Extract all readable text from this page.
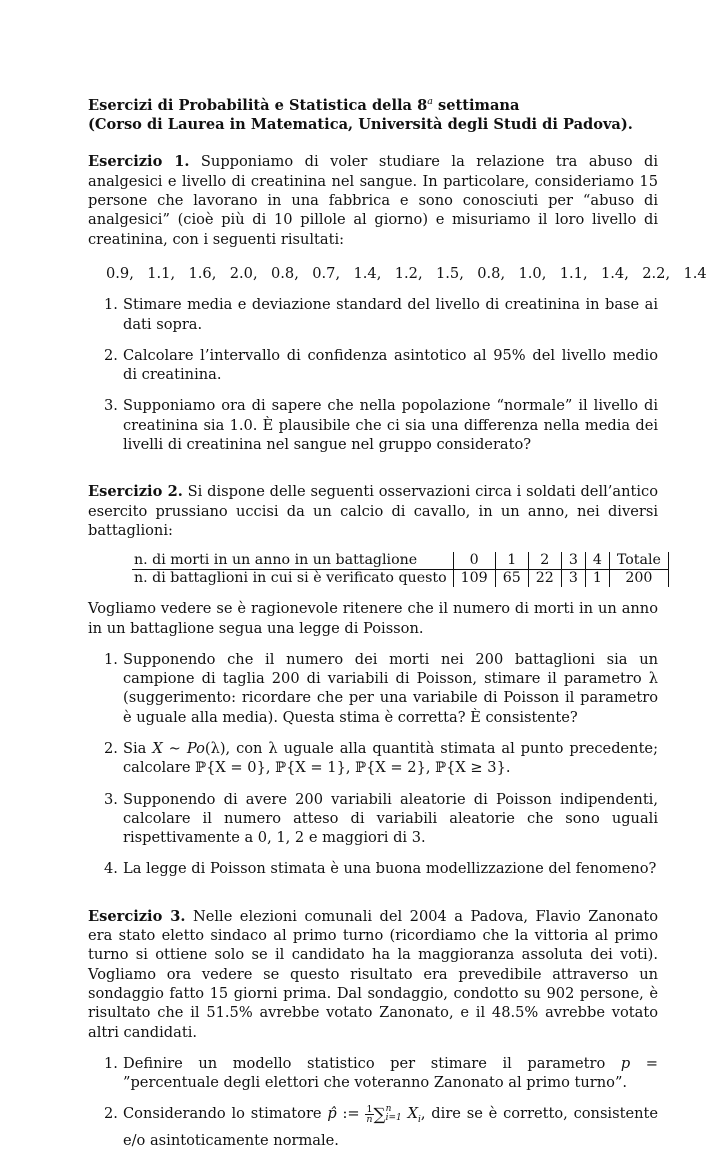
Esercizi di Probabilità e Statistica della 8$^a$ settimana
(Corso di Laurea in Matematica, Università degli Studi di Padova).

Esercizio 1. Supponiamo di voler studiare la relazione tra abuso di analgesici e livello di creatinina nel sangue. In particolare, consideriamo 15 persone che lavorano in una fabbrica e sono conosciuti per “abuso di analgesici” (cioè più di 10 pillole al giorno) e misuriamo il loro livello di creatinina, con i seguenti risultati:

0.9, 1.1, 1.6, 2.0, 0.8, 0.7, 1.4, 1.2, 1.5, 0.8, 1.0, 1.1, 1.4, 2.2, 1.4
1. Stimare media e deviazione standard del livello di creatinina in base ai dati sopra.
2. Calcolare l’intervallo di confidenza asintotico al 95% del livello medio di creatinina.
3. Supponiamo ora di sapere che nella popolazione “normale” il livello di creatinina sia 1.0. È plausibile che ci sia una differenza nella media dei livelli di creatinina nel sangue nel gruppo considerato?

Esercizio 2. Si dispone delle seguenti osservazioni circa i soldati dell’antico esercito prussiano uccisi da un calcio di cavallo, in un anno, nei diversi battaglioni:

n. di morti in un anno in un battaglione	0	1	2	3	4	Totale
n. di battaglioni in cui si è verificato questo	109	65	22	3	1	200

Vogliamo vedere se è ragionevole ritenere che il numero di morti in un anno in un battaglione segua una legge di Poisson.

1. Supponendo che il numero dei morti nei 200 battaglioni sia un campione di taglia 200 di variabili di Poisson, stimare il parametro λ (suggerimento: ricordare che per una variabile di Poisson il parametro è uguale alla media). Questa stima è corretta? È consistente?
2. Sia X ∼ Po(λ), con λ uguale alla quantità stimata al punto precedente; calcolare ℙ{X = 0}, ℙ{X = 1}, ℙ{X = 2}, ℙ{X ≥ 3}.
3. Supponendo di avere 200 variabili aleatorie di Poisson indipendenti, calcolare il numero atteso di variabili aleatorie che sono uguali rispettivamente a 0, 1, 2 e maggiori di 3.
4. La legge di Poisson stimata è una buona modellizzazione del fenomeno?

Esercizio 3. Nelle elezioni comunali del 2004 a Padova, Flavio Zanonato era stato eletto sindaco al primo turno (ricordiamo che la vittoria al primo turno si ottiene solo se il candidato ha la maggioranza assoluta dei voti). Vogliamo ora vedere se questo risultato era prevedibile attraverso un sondaggio fatto 15 giorni prima. Dal sondaggio, condotto su 902 persone, è risultato che il 51.5% avrebbe votato Zanonato, e il 48.5% avrebbe votato altri candidati.

1. Definire un modello statistico per stimare il parametro p = ”percentuale degli elettori che voteranno Zanonato al primo turno”.
2. Considerando lo stimatore p̂ := $\frac{1}{n}$ ∑ n
i=1 $X_i$, dire se è corretto, consistente e/o asintoticamente normale.
